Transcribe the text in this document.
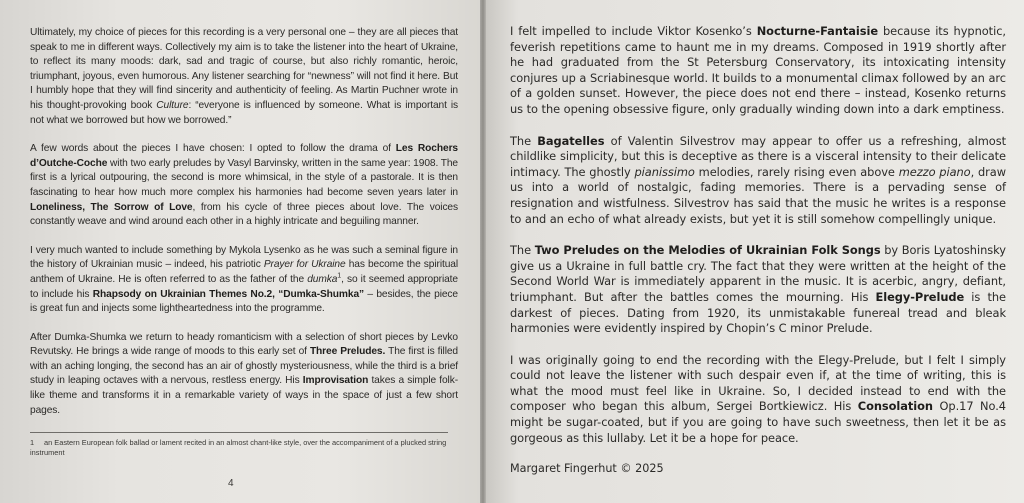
Ultimately, my choice of pieces for this recording is a very personal one – they are all pieces that speak to me in different ways. Collectively my aim is to take the listener into the heart of Ukraine, to reflect its many moods: dark, sad and tragic of course, but also richly romantic, heroic, triumphant, joyous, even humorous. Any listener searching for “newness” will not find it here. But I humbly hope that they will find sincerity and authenticity of feeling. As Martin Puchner wrote in his thought-provoking book Culture: “everyone is influenced by someone. What is important is not what we borrowed but how we borrowed.”

A few words about the pieces I have chosen: I opted to follow the drama of Les Rochers d’Outche-Coche with two early preludes by Vasyl Barvinsky, written in the same year: 1908. The first is a lyrical outpouring, the second is more whimsical, in the style of a pastorale. It is then fascinating to hear how much more complex his harmonies had become seven years later in Loneliness, The Sorrow of Love, from his cycle of three pieces about love. The voices constantly weave and wind around each other in a highly intricate and beguiling manner.

I very much wanted to include something by Mykola Lysenko as he was such a seminal figure in the history of Ukrainian music – indeed, his patriotic Prayer for Ukraine has become the spiritual anthem of Ukraine. He is often referred to as the father of the dumka$^1$, so it seemed appropriate to include his Rhapsody on Ukrainian Themes No.2, “Dumka-Shumka” – besides, the piece is great fun and injects some lightheartedness into the programme.

After Dumka-Shumka we return to heady romanticism with a selection of short pieces by Levko Revutsky. He brings a wide range of moods to this early set of Three Preludes. The first is filled with an aching longing, the second has an air of ghostly mysteriousness, while the third is a brief study in leaping octaves with a nervous, restless energy. His Improvisation takes a simple folk-like theme and transforms it in a remarkable variety of ways in the space of just a few short pages.

1 an Eastern European folk ballad or lament recited in an almost chant-like style, over the accompaniment of a plucked string instrument

4

I felt impelled to include Viktor Kosenko’s Nocturne-Fantaisie because its hypnotic, feverish repetitions came to haunt me in my dreams. Composed in 1919 shortly after he had graduated from the St Petersburg Conservatory, its intoxicating intensity conjures up a Scriabinesque world. It builds to a monumental climax followed by an arc of a golden sunset. However, the piece does not end there – instead, Kosenko returns us to the opening obsessive figure, only gradually winding down into a dark emptiness.

The Bagatelles of Valentin Silvestrov may appear to offer us a refreshing, almost childlike simplicity, but this is deceptive as there is a visceral intensity to their delicate intimacy. The ghostly pianissimo melodies, rarely rising even above mezzo piano, draw us into a world of nostalgic, fading memories. There is a pervading sense of resignation and wistfulness. Silvestrov has said that the music he writes is a response to and an echo of what already exists, but yet it is still somehow compellingly unique.

The Two Preludes on the Melodies of Ukrainian Folk Songs by Boris Lyatoshinsky give us a Ukraine in full battle cry. The fact that they were written at the height of the Second World War is immediately apparent in the music. It is acerbic, angry, defiant, triumphant. But after the battles comes the mourning. His Elegy-Prelude is the darkest of pieces. Dating from 1920, its unmistakable funereal tread and bleak harmonies were evidently inspired by Chopin’s C minor Prelude.

I was originally going to end the recording with the Elegy-Prelude, but I felt I simply could not leave the listener with such despair even if, at the time of writing, this is what the mood must feel like in Ukraine. So, I decided instead to end with the composer who began this album, Sergei Bortkiewicz. His Consolation Op.17 No.4 might be sugar-coated, but if you are going to have such sweetness, then let it be as gorgeous as this lullaby. Let it be a hope for peace.

Margaret Fingerhut © 2025
